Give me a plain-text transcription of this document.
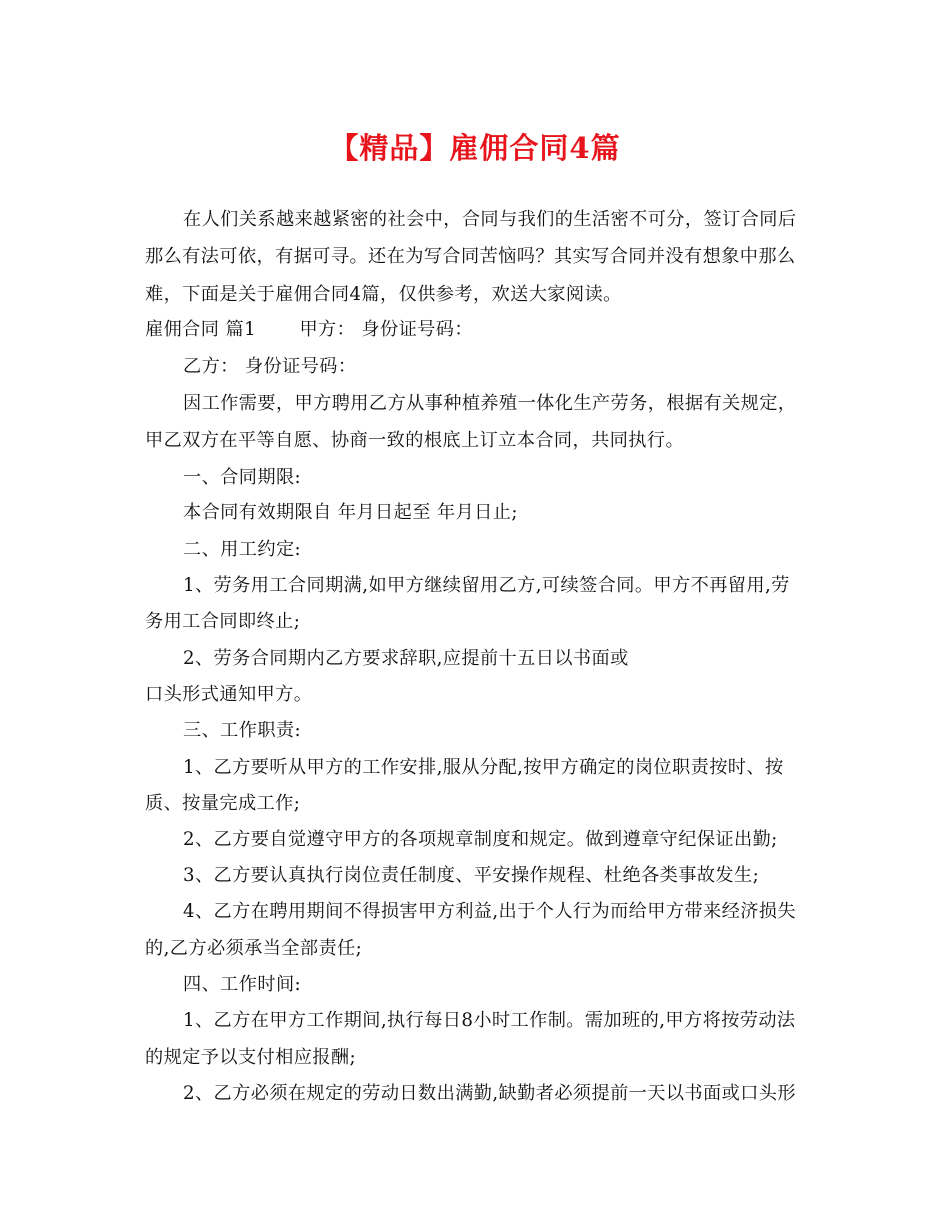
【精品】雇佣合同4篇
在人们关系越来越紧密的社会中，合同与我们的生活密不可分，签订合同后
那么有法可依，有据可寻。还在为写合同苦恼吗？其实写合同并没有想象中那么
难，下面是关于雇佣合同4篇，仅供参考，欢送大家阅读。
雇佣合同 篇1　　 甲方： 身份证号码：
乙方： 身份证号码：
因工作需要，甲方聘用乙方从事种植养殖一体化生产劳务，根据有关规定，
甲乙双方在平等自愿、协商一致的根底上订立本合同，共同执行。
一、合同期限:
本合同有效期限自 年月日起至 年月日止;
二、用工约定:
1、劳务用工合同期满,如甲方继续留用乙方,可续签合同。甲方不再留用,劳
务用工合同即终止;
2、劳务合同期内乙方要求辞职,应提前十五日以书面或
口头形式通知甲方。
三、工作职责:
1、乙方要听从甲方的工作安排,服从分配,按甲方确定的岗位职责按时、按
质、按量完成工作;
2、乙方要自觉遵守甲方的各项规章制度和规定。做到遵章守纪保证出勤;
3、乙方要认真执行岗位责任制度、平安操作规程、杜绝各类事故发生;
4、乙方在聘用期间不得损害甲方利益,出于个人行为而给甲方带来经济损失
的,乙方必须承当全部责任;
四、工作时间:
1、乙方在甲方工作期间,执行每日8小时工作制。需加班的,甲方将按劳动法
的规定予以支付相应报酬;
2、乙方必须在规定的劳动日数出满勤,缺勤者必须提前一天以书面或口头形
